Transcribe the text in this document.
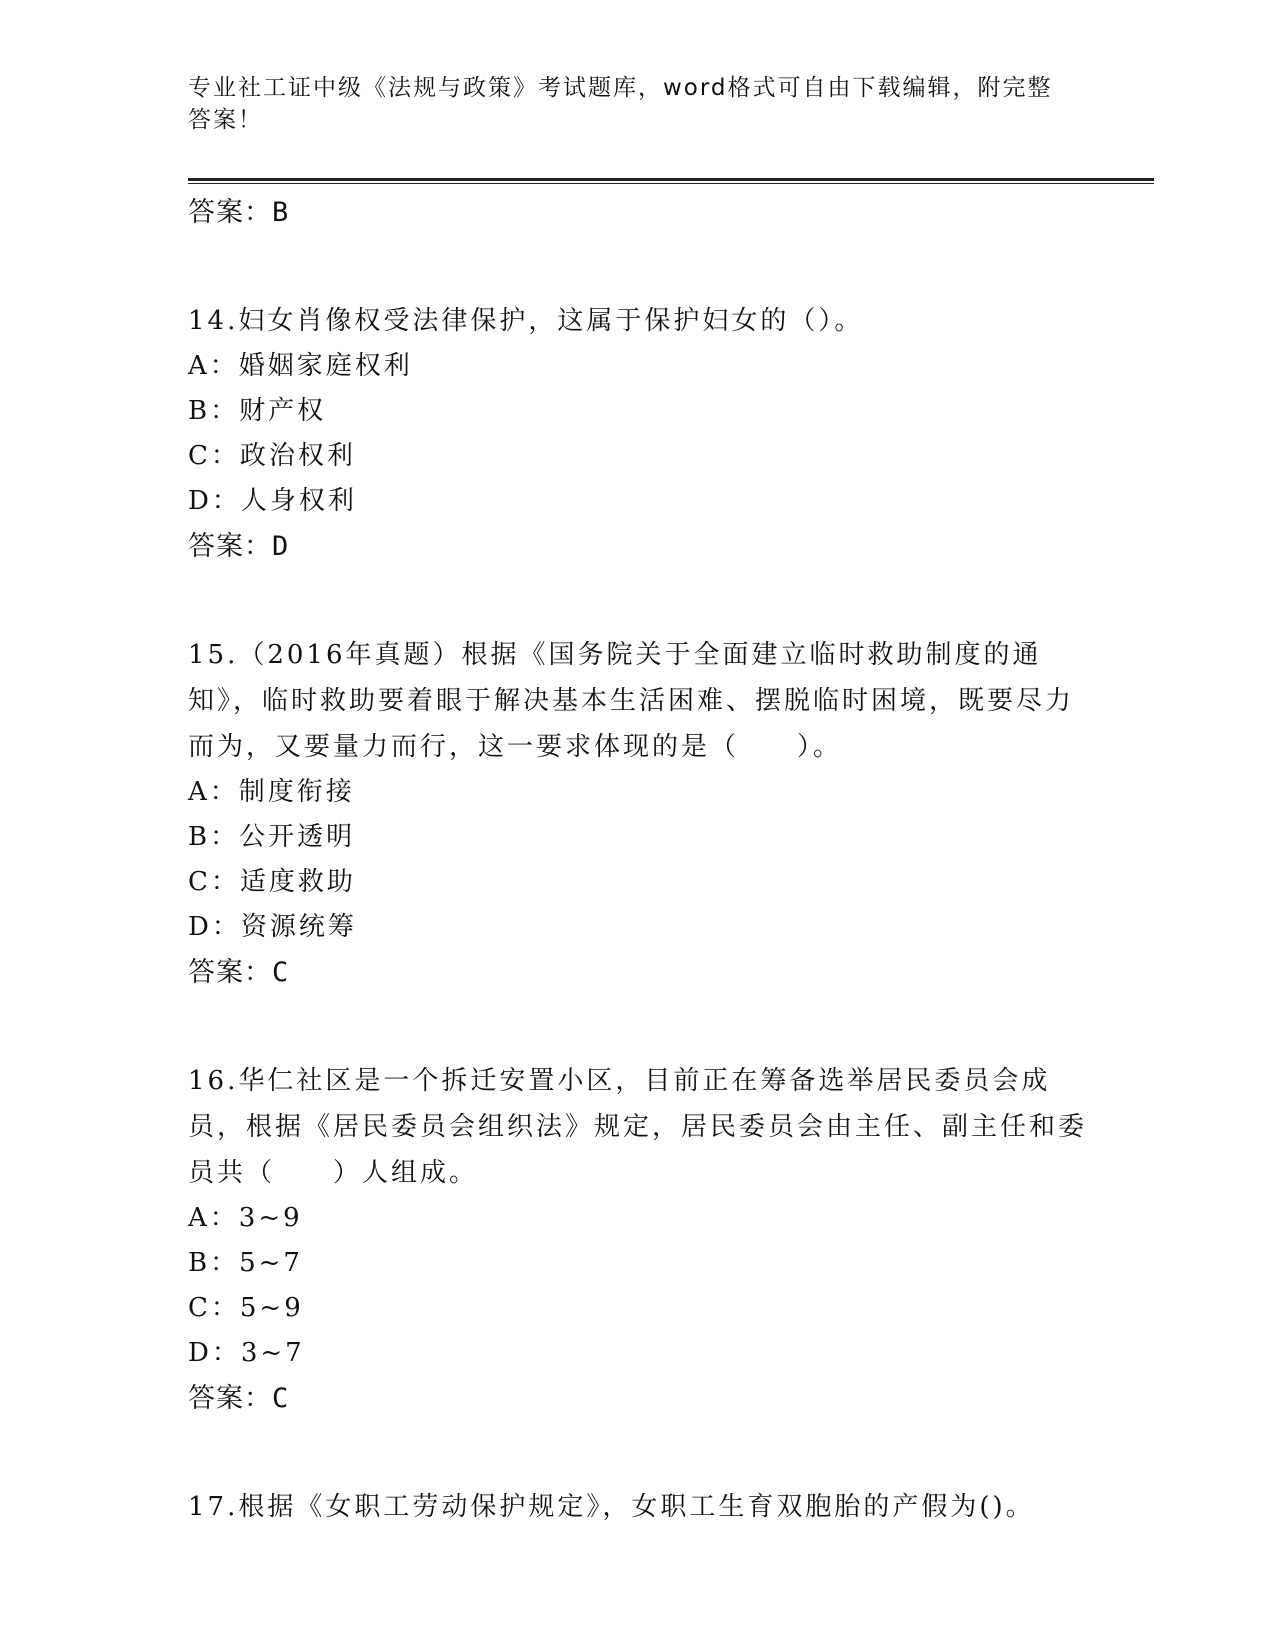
专业社工证中级《法规与政策》考试题库，word格式可自由下载编辑，附完整答案！

答案：B

14.妇女肖像权受法律保护，这属于保护妇女的（）。

A：婚姻家庭权利

B：财产权

C：政治权利

D：人身权利

答案：D

15.（2016年真题）根据《国务院关于全面建立临时救助制度的通知》，临时救助要着眼于解决基本生活困难、摆脱临时困境，既要尽力而为，又要量力而行，这一要求体现的是（　　）。

A：制度衔接

B：公开透明

C：适度救助

D：资源统筹

答案：C

16.华仁社区是一个拆迁安置小区，目前正在筹备选举居民委员会成员，根据《居民委员会组织法》规定，居民委员会由主任、副主任和委员共（　　）人组成。

A：3~9

B：5~7

C：5~9

D：3~7

答案：C

17.根据《女职工劳动保护规定》，女职工生育双胞胎的产假为()。
